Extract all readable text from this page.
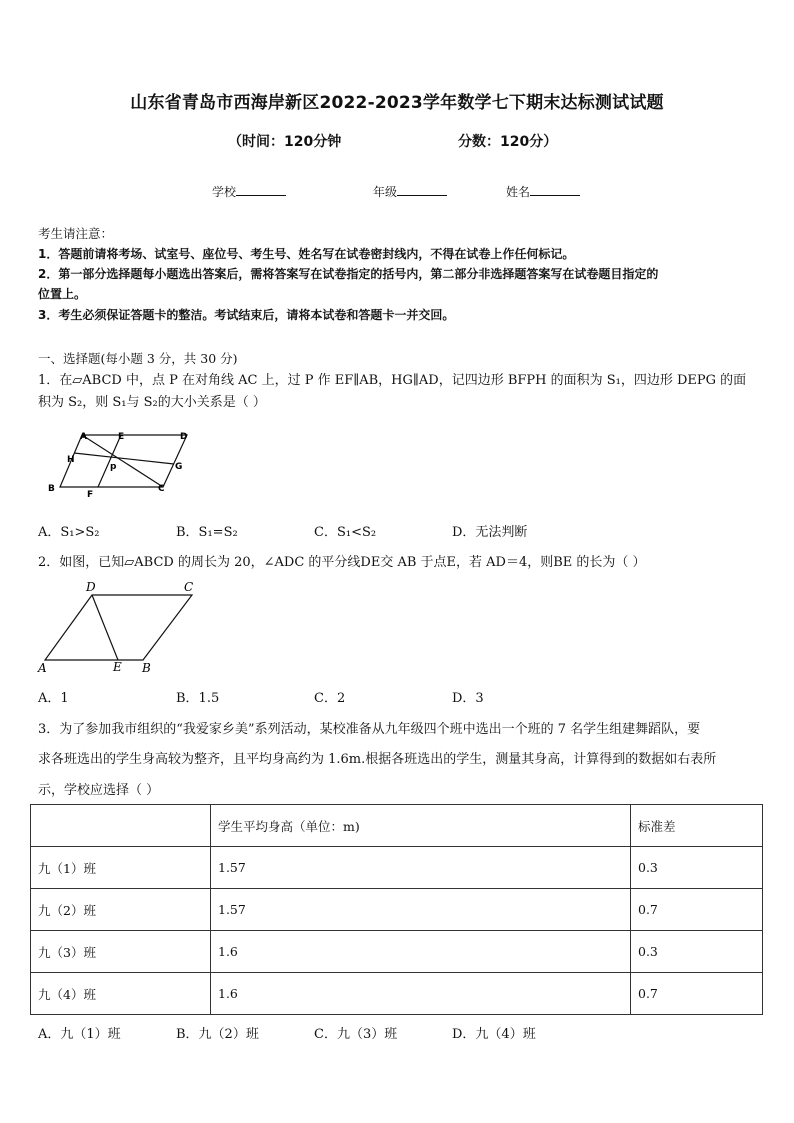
山东省青岛市西海岸新区2022-2023学年数学七下期末达标测试试题
（时间：120分钟	分数：120分）
学校	年级	姓名
考生请注意：
1．答题前请将考场、试室号、座位号、考生号、姓名写在试卷密封线内，不得在试卷上作任何标记。
2．第一部分选择题每小题选出答案后，需将答案写在试卷指定的括号内，第二部分非选择题答案写在试卷题目指定的
位置上。
3．考生必须保证答题卡的整洁。考试结束后，请将本试卷和答题卡一并交回。
一、选择题(每小题 3 分，共 30 分)
1．在▱ABCD 中，点 P 在对角线 AC 上，过 P 作 EF∥AB，HG∥AD，记四边形 BFPH 的面积为 S₁，四边形 DEPG 的面
积为 S₂，则 S₁与 S₂的大小关系是（ ）
A	E	D
H
p	G
B
F
C
A．S₁>S₂	B．S₁=S₂	C．S₁<S₂	D．无法判断
2．如图，已知▱ABCD 的周长为 20，∠ADC 的平分线DE交 AB 于点E，若 AD＝4，则BE 的长为（ ）
D	C
A	E B
A．1	B．1.5	C．2	D．3
3．为了参加我市组织的“我爱家乡美”系列活动，某校准备从九年级四个班中选出一个班的 7 名学生组建舞蹈队，要
求各班选出的学生身高较为整齐，且平均身高约为 1.6m.根据各班选出的学生，测量其身高，计算得到的数据如右表所
示，学校应选择（ ）
	学生平均身高（单位：m)	标准差
九（1）班	1.57	0.3
九（2）班	1.57	0.7
九（3）班	1.6	0.3
九（4）班	1.6	0.7
A．九（1）班	B．九（2）班	C．九（3）班	D．九（4）班
